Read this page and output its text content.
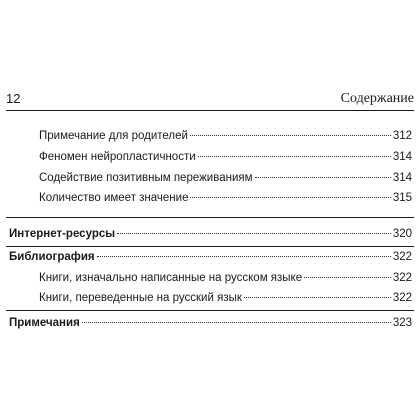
12	Содержание
Примечание для родителей	312
Феномен нейропластичности	314
Содействие позитивным переживаниям	314
Количество имеет значение	315
Интернет-ресурсы	320
Библиография	322
Книги, изначально написанные на русском языке	322
Книги, переведенные на русский язык	322
Примечания	323
